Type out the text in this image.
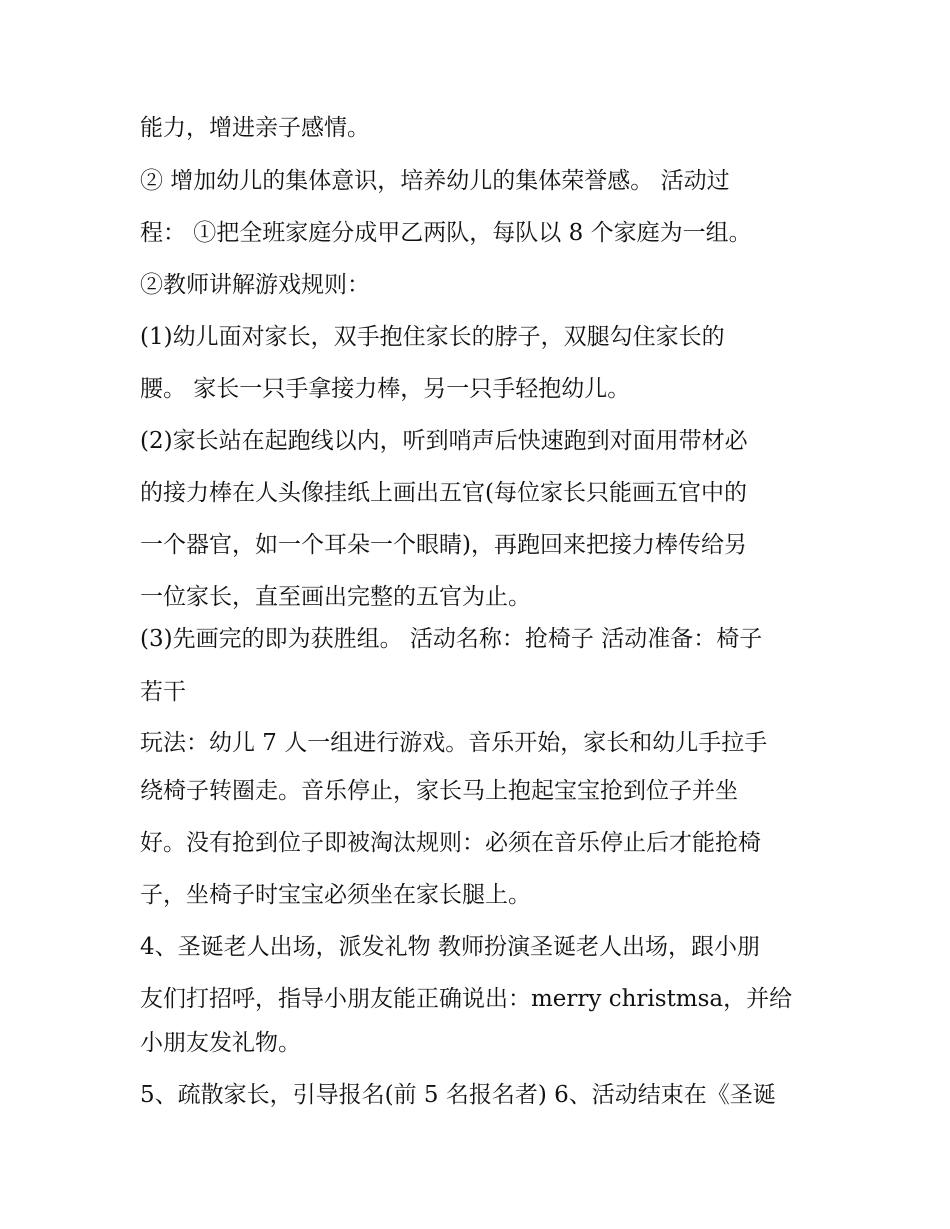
能力，增进亲子感情。
② 增加幼儿的集体意识，培养幼儿的集体荣誉感。 活动过
程： ①把全班家庭分成甲乙两队，每队以 8 个家庭为一组。
②教师讲解游戏规则：
(1)幼儿面对家长，双手抱住家长的脖子，双腿勾住家长的
腰。 家长一只手拿接力棒，另一只手轻抱幼儿。
(2)家长站在起跑线以内，听到哨声后快速跑到对面用带材必
的接力棒在人头像挂纸上画出五官(每位家长只能画五官中的
一个器官，如一个耳朵一个眼睛)，再跑回来把接力棒传给另
一位家长，直至画出完整的五官为止。
(3)先画完的即为获胜组。 活动名称：抢椅子 活动准备：椅子
若干
玩法：幼儿 7 人一组进行游戏。音乐开始，家长和幼儿手拉手
绕椅子转圈走。音乐停止，家长马上抱起宝宝抢到位子并坐
好。没有抢到位子即被淘汰规则：必须在音乐停止后才能抢椅
子，坐椅子时宝宝必须坐在家长腿上。
4、圣诞老人出场，派发礼物 教师扮演圣诞老人出场，跟小朋
友们打招呼，指导小朋友能正确说出：merry christmsa，并给
小朋友发礼物。
5、疏散家长，引导报名(前 5 名报名者) 6、活动结束在《圣诞
